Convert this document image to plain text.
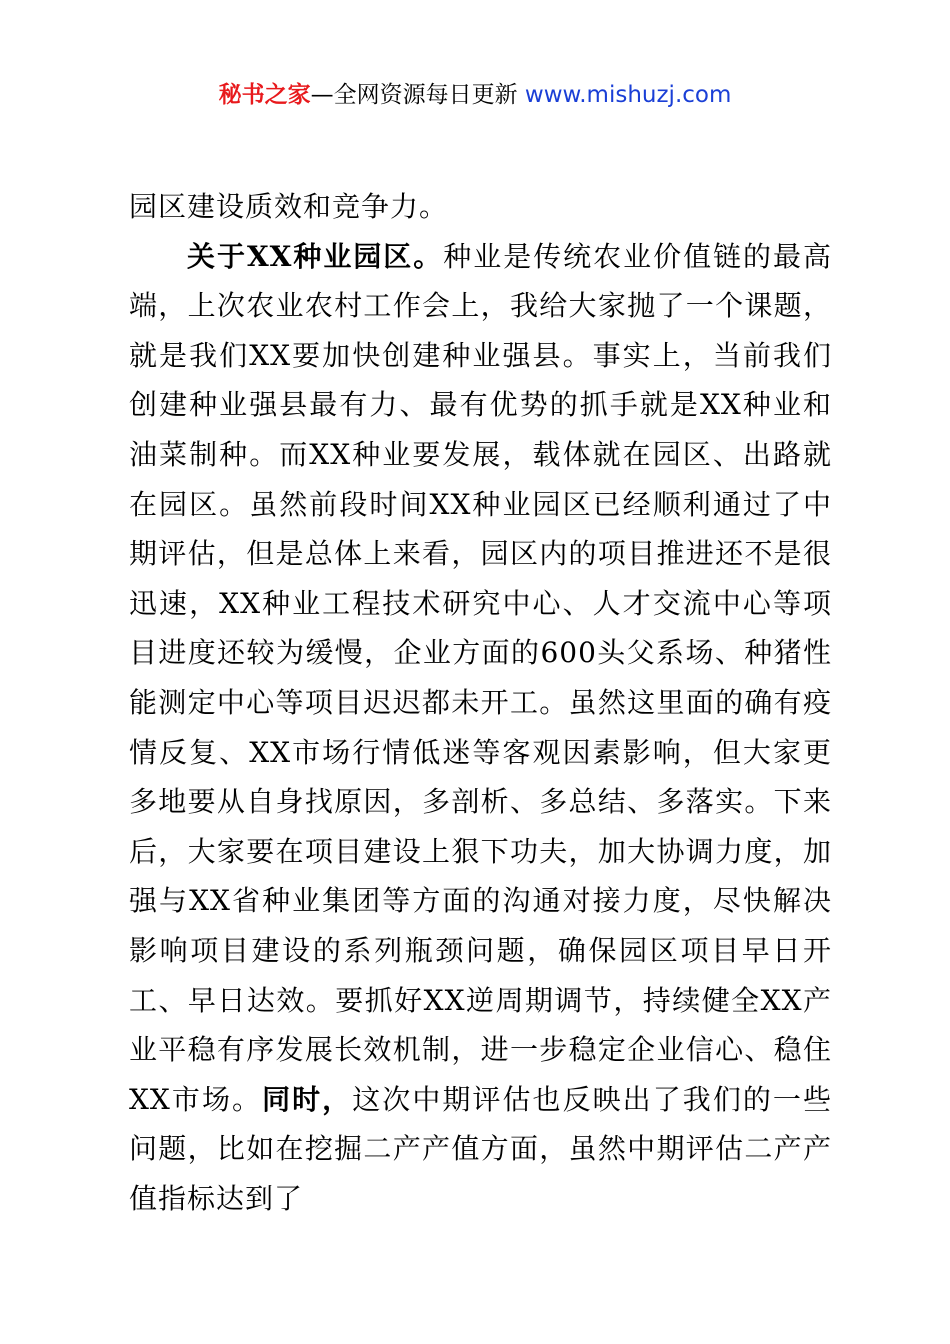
秘书之家—全网资源每日更新 www.mishuzj.com

园区建设质效和竞争力。

关于XX种业园区。种业是传统农业价值链的最高端，上次农业农村工作会上，我给大家抛了一个课题，就是我们XX要加快创建种业强县。事实上，当前我们创建种业强县最有力、最有优势的抓手就是XX种业和油菜制种。而XX种业要发展，载体就在园区、出路就在园区。虽然前段时间XX种业园区已经顺利通过了中期评估，但是总体上来看，园区内的项目推进还不是很迅速，XX种业工程技术研究中心、人才交流中心等项目进度还较为缓慢，企业方面的600头父系场、种猪性能测定中心等项目迟迟都未开工。虽然这里面的确有疫情反复、XX市场行情低迷等客观因素影响，但大家更多地要从自身找原因，多剖析、多总结、多落实。下来后，大家要在项目建设上狠下功夫，加大协调力度，加强与XX省种业集团等方面的沟通对接力度，尽快解决影响项目建设的系列瓶颈问题，确保园区项目早日开工、早日达效。要抓好XX逆周期调节，持续健全XX产业平稳有序发展长效机制，进一步稳定企业信心、稳住XX市场。同时，这次中期评估也反映出了我们的一些问题，比如在挖掘二产产值方面，虽然中期评估二产产值指标达到了
